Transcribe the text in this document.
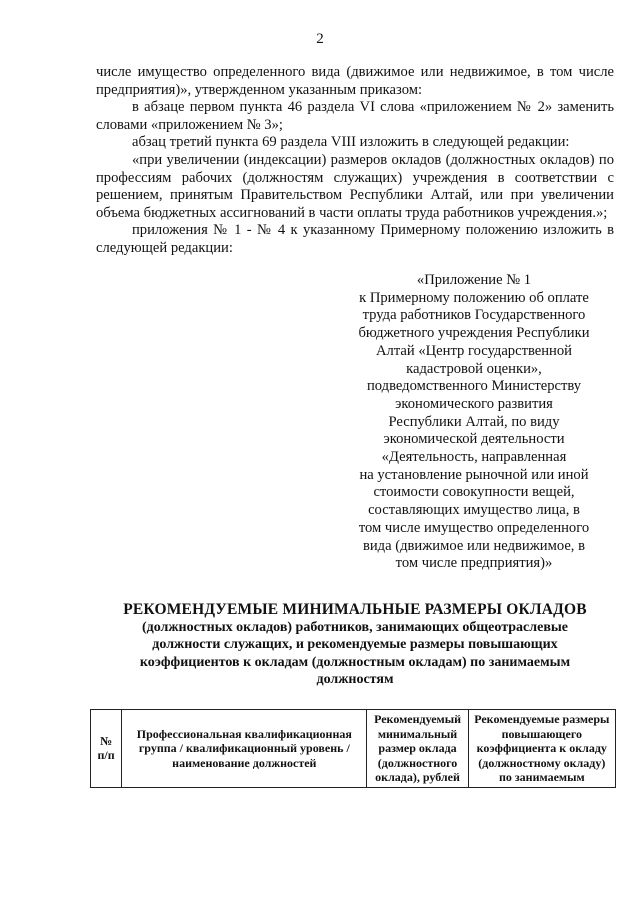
2

числе имущество определенного вида (движимое или недвижимое, в том числе предприятия)», утвержденном указанным приказом:

в абзаце первом пункта 46 раздела VI слова «приложением № 2» заменить словами «приложением № 3»;

абзац третий пункта 69 раздела VIII изложить в следующей редакции:

«при увеличении (индексации) размеров окладов (должностных окладов) по профессиям рабочих (должностям служащих) учреждения в соответствии с решением, принятым Правительством Республики Алтай, или при увеличении объема бюджетных ассигнований в части оплаты труда работников учреждения.»;

приложения № 1 - № 4 к указанному Примерному положению изложить в следующей редакции:

«Приложение № 1
к Примерному положению об оплате
труда работников Государственного
бюджетного учреждения Республики
Алтай «Центр государственной
кадастровой оценки»,
подведомственного Министерству
экономического развития
Республики Алтай, по виду
экономической деятельности
«Деятельность, направленная
на установление рыночной или иной
стоимости совокупности вещей,
составляющих имущество лица, в
том числе имущество определенного
вида (движимое или недвижимое, в
том числе предприятия)»
РЕКОМЕНДУЕМЫЕ МИНИМАЛЬНЫЕ РАЗМЕРЫ ОКЛАДОВ
(должностных окладов) работников, занимающих общеотраслевые
должности служащих, и рекомендуемые размеры повышающих
коэффициентов к окладам (должностным окладам) по занимаемым
должностям
№ п/п	Профессиональная квалификационная группа / квалификационный уровень / наименование должностей	Рекомендуемый минимальный размер оклада (должностного оклада), рублей	Рекомендуемые размеры повышающего коэффициента к окладу (должностному окладу) по занимаемым
